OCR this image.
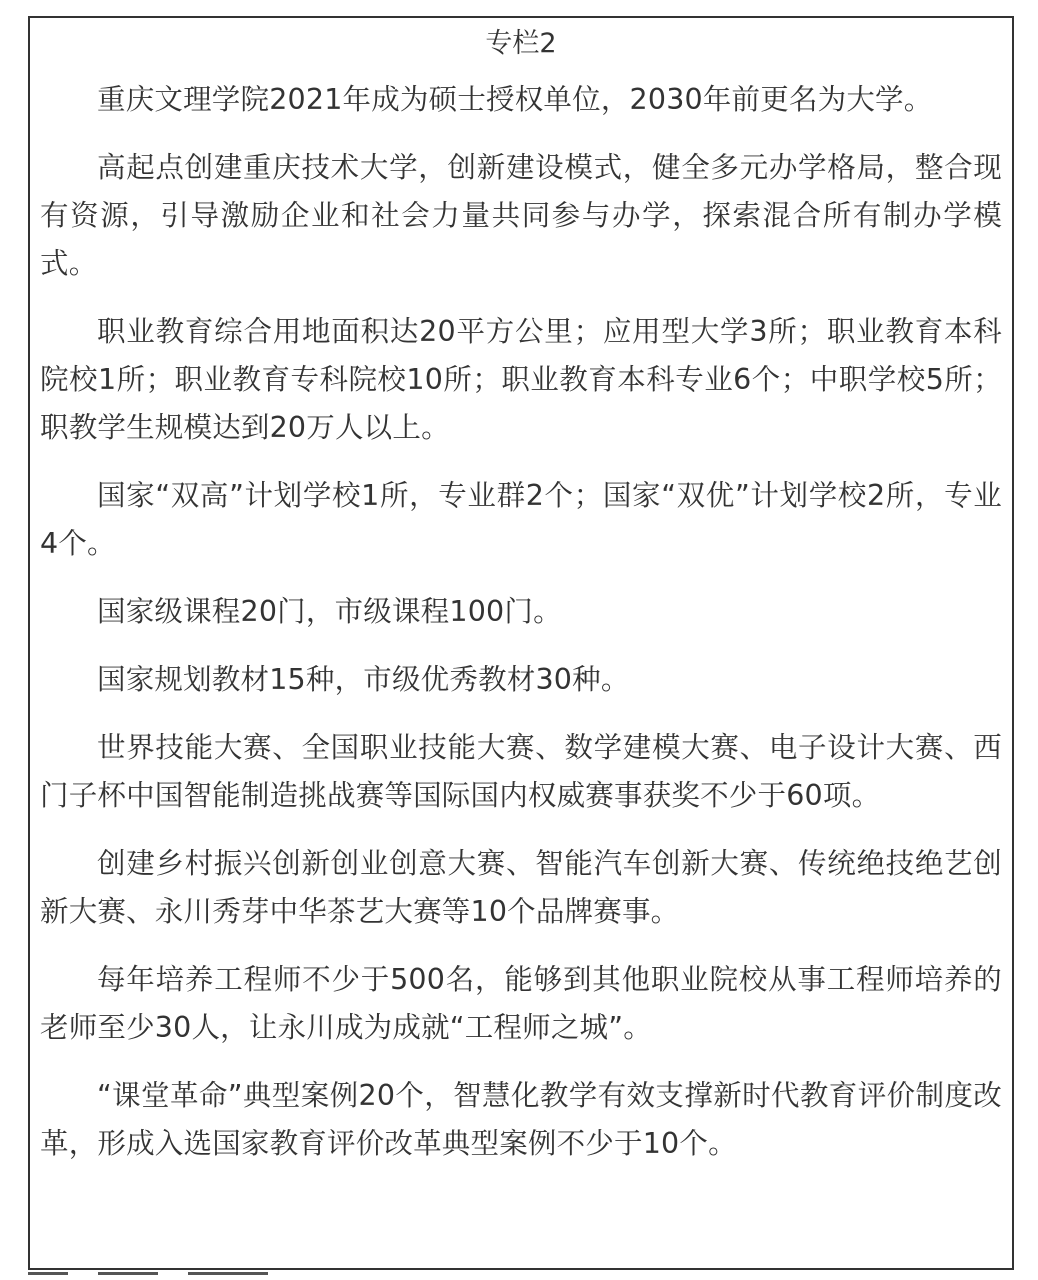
专栏2

重庆文理学院2021年成为硕士授权单位，2030年前更名为大学。

高起点创建重庆技术大学，创新建设模式，健全多元办学格局，整合现有资源，引导激励企业和社会力量共同参与办学，探索混合所有制办学模式。

职业教育综合用地面积达20平方公里；应用型大学3所；职业教育本科院校1所；职业教育专科院校10所；职业教育本科专业6个；中职学校5所；职教学生规模达到20万人以上。

国家“双高”计划学校1所，专业群2个；国家“双优”计划学校2所，专业4个。

国家级课程20门，市级课程100门。

国家规划教材15种，市级优秀教材30种。

世界技能大赛、全国职业技能大赛、数学建模大赛、电子设计大赛、西门子杯中国智能制造挑战赛等国际国内权威赛事获奖不少于60项。

创建乡村振兴创新创业创意大赛、智能汽车创新大赛、传统绝技绝艺创新大赛、永川秀芽中华茶艺大赛等10个品牌赛事。

每年培养工程师不少于500名，能够到其他职业院校从事工程师培养的老师至少30人，让永川成为成就“工程师之城”。

“课堂革命”典型案例20个，智慧化教学有效支撑新时代教育评价制度改革，形成入选国家教育评价改革典型案例不少于10个。
